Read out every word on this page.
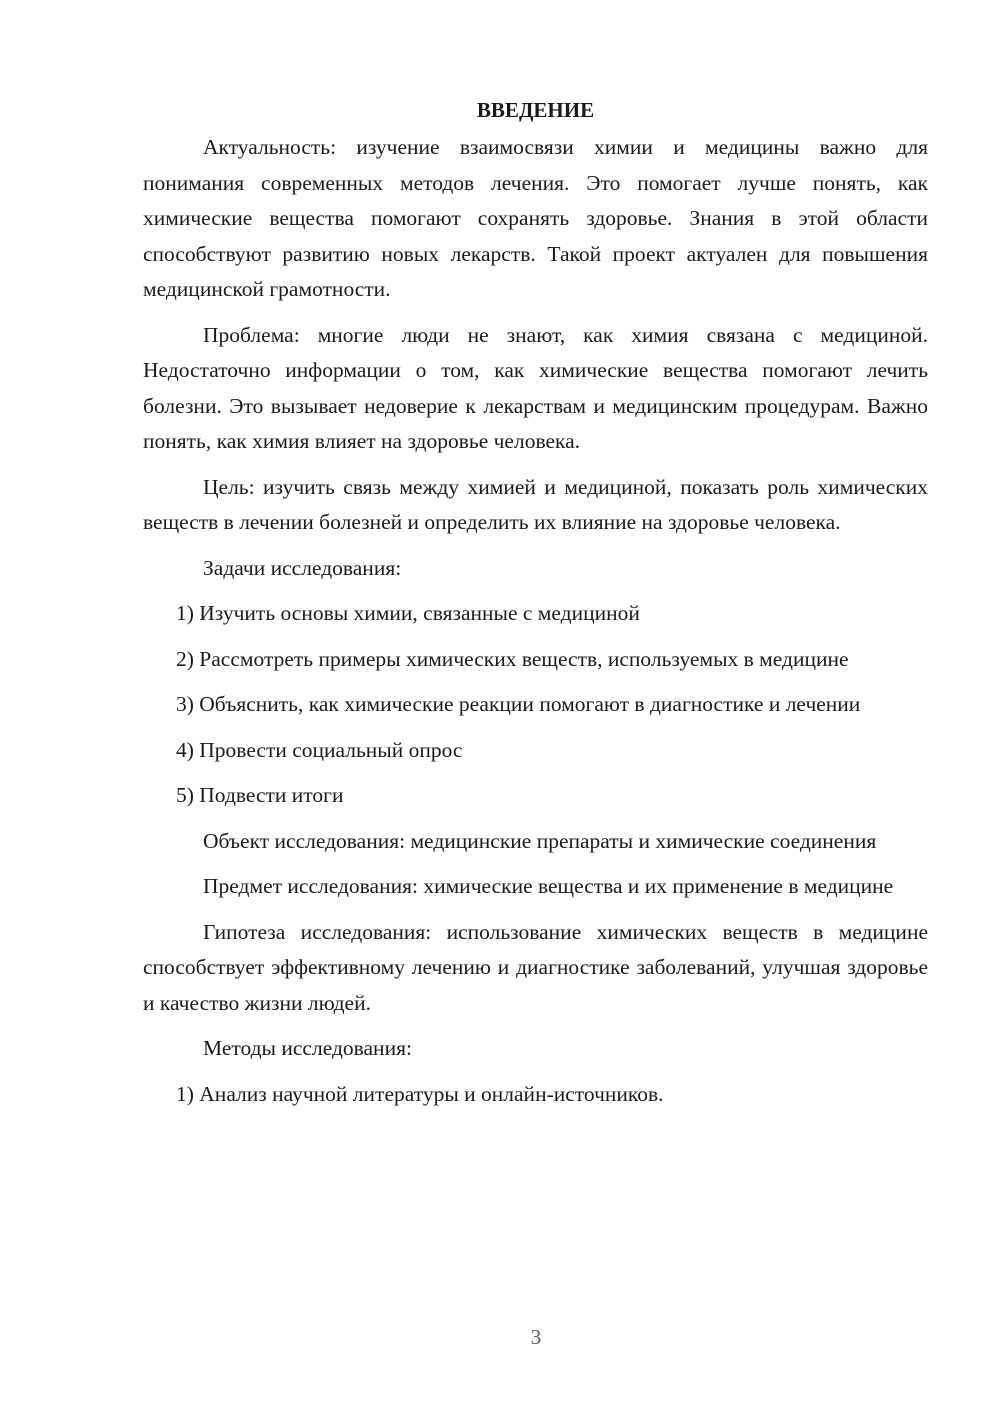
ВВЕДЕНИЕ

Актуальность: изучение взаимосвязи химии и медицины важно для понимания современных методов лечения. Это помогает лучше понять, как химические вещества помогают сохранять здоровье. Знания в этой области способствуют развитию новых лекарств. Такой проект актуален для повышения медицинской грамотности.

Проблема: многие люди не знают, как химия связана с медициной. Недостаточно информации о том, как химические вещества помогают лечить болезни. Это вызывает недоверие к лекарствам и медицинским процедурам. Важно понять, как химия влияет на здоровье человека.

Цель: изучить связь между химией и медициной, показать роль химических веществ в лечении болезней и определить их влияние на здоровье человека.

Задачи исследования:

1) Изучить основы химии, связанные с медициной

2) Рассмотреть примеры химических веществ, используемых в медицине

3) Объяснить, как химические реакции помогают в диагностике и лечении

4) Провести социальный опрос

5) Подвести итоги

Объект исследования: медицинские препараты и химические соединения

Предмет исследования: химические вещества и их применение в медицине

Гипотеза исследования: использование химических веществ в медицине способствует эффективному лечению и диагностике заболеваний, улучшая здоровье и качество жизни людей.

Методы исследования:

1) Анализ научной литературы и онлайн-источников.

3
